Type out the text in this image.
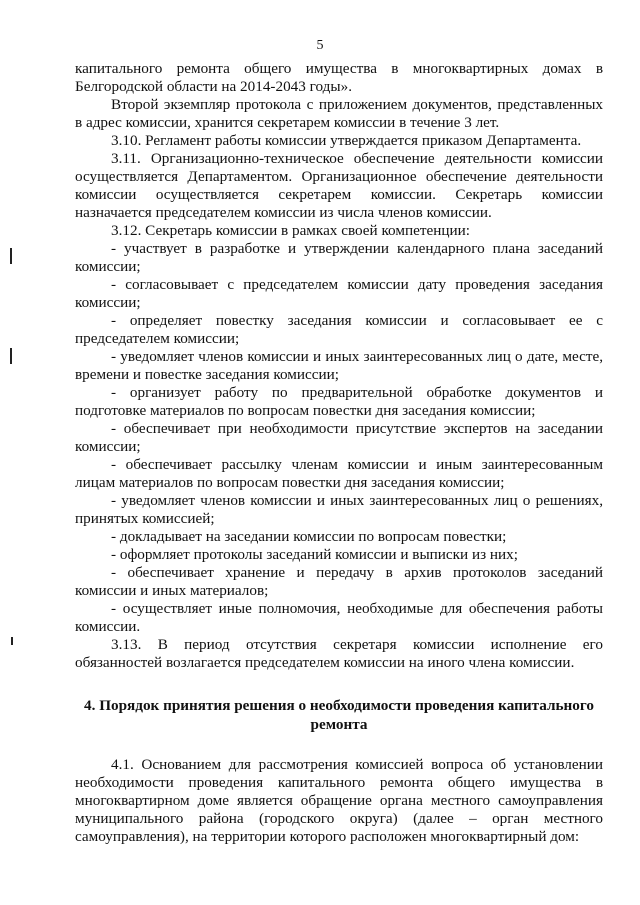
5

капитального ремонта общего имущества в многоквартирных домах в Белгородской области на 2014-2043 годы».

Второй экземпляр протокола с приложением документов, представленных в адрес комиссии, хранится секретарем комиссии в течение 3 лет.

3.10. Регламент работы комиссии утверждается приказом Департамента.

3.11. Организационно-техническое обеспечение деятельности комиссии осуществляется Департаментом. Организационное обеспечение деятельности комиссии осуществляется секретарем комиссии. Секретарь комиссии назначается председателем комиссии из числа членов комиссии.

3.12. Секретарь комиссии в рамках своей компетенции:

- участвует в разработке и утверждении календарного плана заседаний комиссии;

- согласовывает с председателем комиссии дату проведения заседания комиссии;

- определяет повестку заседания комиссии и согласовывает ее с председателем комиссии;

- уведомляет членов комиссии и иных заинтересованных лиц о дате, месте, времени и повестке заседания комиссии;

- организует работу по предварительной обработке документов и подготовке материалов по вопросам повестки дня заседания комиссии;

- обеспечивает при необходимости присутствие экспертов на заседании комиссии;

- обеспечивает рассылку членам комиссии и иным заинтересованным лицам материалов по вопросам повестки дня заседания комиссии;

- уведомляет членов комиссии и иных заинтересованных лиц о решениях, принятых комиссией;

- докладывает на заседании комиссии по вопросам повестки;

- оформляет протоколы заседаний комиссии и выписки из них;

- обеспечивает хранение и передачу в архив протоколов заседаний комиссии и иных материалов;

- осуществляет иные полномочия, необходимые для обеспечения работы комиссии.

3.13. В период отсутствия секретаря комиссии исполнение его обязанностей возлагается председателем комиссии на иного члена комиссии.

4. Порядок принятия решения о необходимости проведения капитального ремонта

4.1. Основанием для рассмотрения комиссией вопроса об установлении необходимости проведения капитального ремонта общего имущества в многоквартирном доме является обращение органа местного самоуправления муниципального района (городского округа) (далее – орган местного самоуправления), на территории которого расположен многоквартирный дом:
